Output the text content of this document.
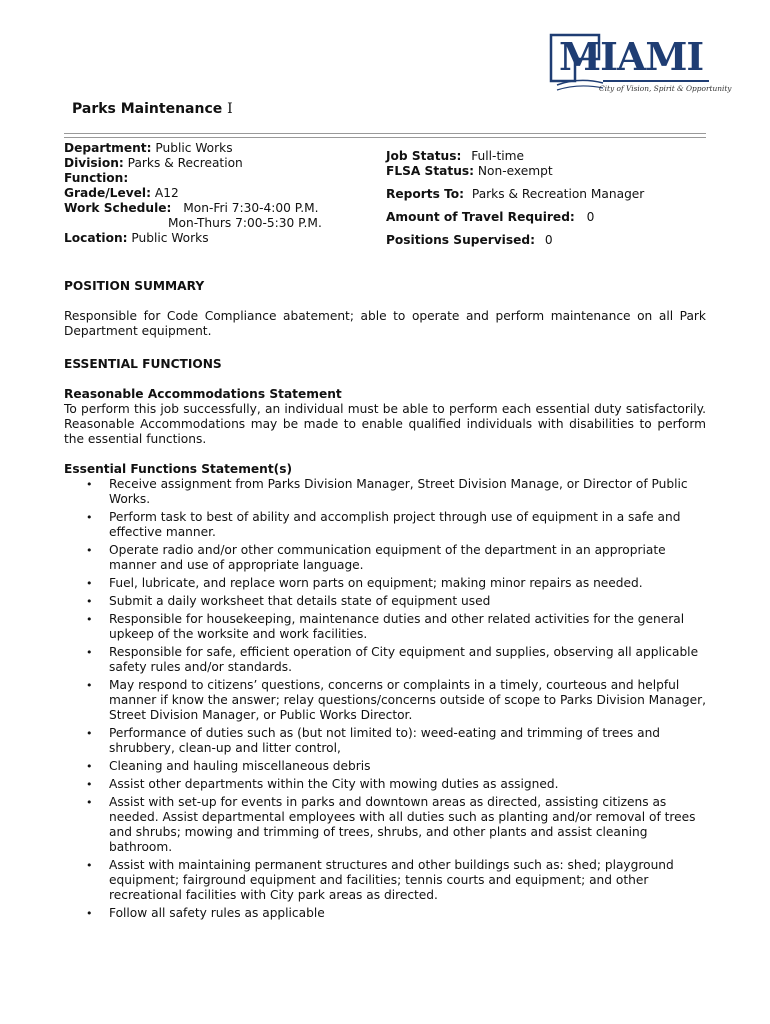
MIAMI
City of Vision, Spirit & Opportunity
Parks Maintenance I
Department: Public Works
Division: Parks & Recreation
Function:
Grade/Level: A12
Work Schedule: Mon-Fri 7:30-4:00 P.M.
Mon-Thurs 7:00-5:30 P.M.
Location: Public Works
Job Status: Full-time
FLSA Status: Non-exempt
Reports To: Parks & Recreation Manager
Amount of Travel Required: 0
Positions Supervised: 0
POSITION SUMMARY
Responsible for Code Compliance abatement; able to operate and perform maintenance on all Park Department equipment.
ESSENTIAL FUNCTIONS
Reasonable Accommodations Statement
To perform this job successfully, an individual must be able to perform each essential duty satisfactorily. Reasonable Accommodations may be made to enable qualified individuals with disabilities to perform the essential functions.
Essential Functions Statement(s)
• Receive assignment from Parks Division Manager, Street Division Manage, or Director of Public Works.
• Perform task to best of ability and accomplish project through use of equipment in a safe and effective manner.
• Operate radio and/or other communication equipment of the department in an appropriate manner and use of appropriate language.
• Fuel, lubricate, and replace worn parts on equipment; making minor repairs as needed.
• Submit a daily worksheet that details state of equipment used
• Responsible for housekeeping, maintenance duties and other related activities for the general upkeep of the worksite and work facilities.
• Responsible for safe, efficient operation of City equipment and supplies, observing all applicable safety rules and/or standards.
• May respond to citizens’ questions, concerns or complaints in a timely, courteous and helpful manner if know the answer; relay questions/concerns outside of scope to Parks Division Manager, Street Division Manager, or Public Works Director.
• Performance of duties such as (but not limited to): weed-eating and trimming of trees and shrubbery, clean-up and litter control,
• Cleaning and hauling miscellaneous debris
• Assist other departments within the City with mowing duties as assigned.
• Assist with set-up for events in parks and downtown areas as directed, assisting citizens as needed. Assist departmental employees with all duties such as planting and/or removal of trees and shrubs; mowing and trimming of trees, shrubs, and other plants and assist cleaning bathroom.
• Assist with maintaining permanent structures and other buildings such as: shed; playground equipment; fairground equipment and facilities; tennis courts and equipment; and other recreational facilities with City park areas as directed.
• Follow all safety rules as applicable
